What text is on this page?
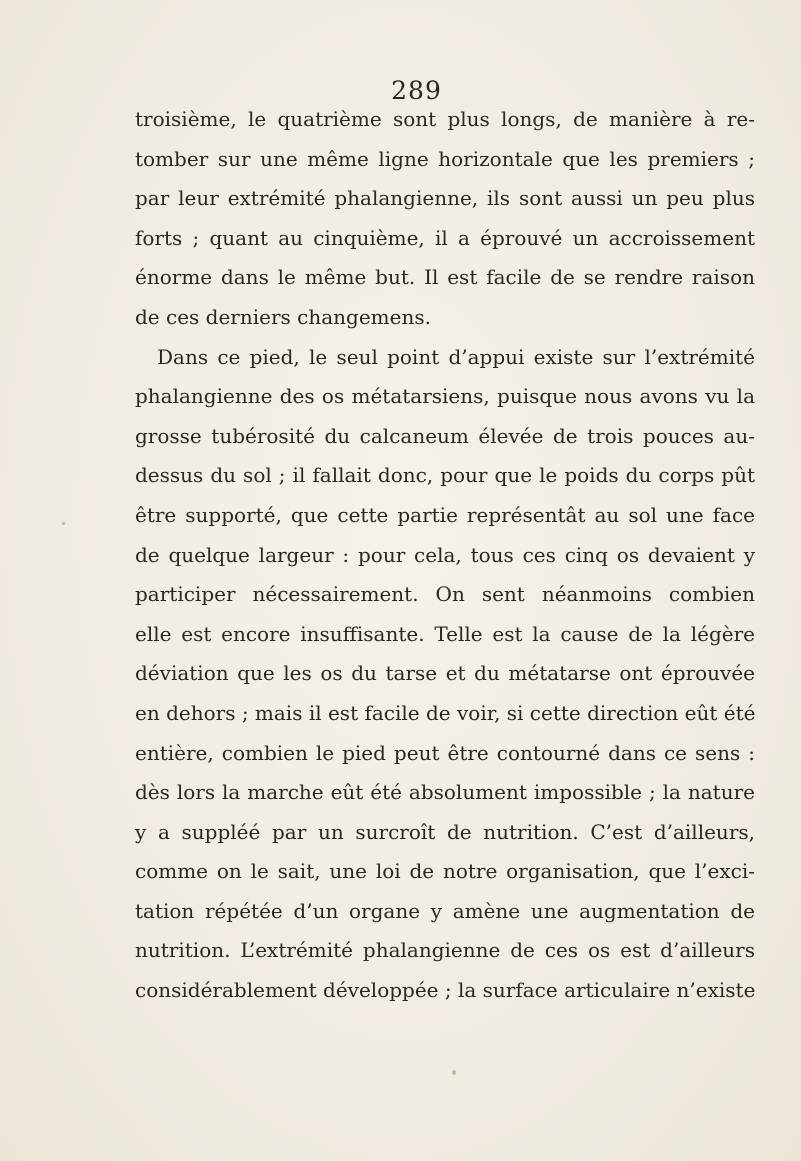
289
troisième, le quatrième sont plus longs, de manière à re-
tomber sur une même ligne horizontale que les premiers ;
par leur extrémité phalangienne, ils sont aussi un peu plus
forts ; quant au cinquième, il a éprouvé un accroissement
énorme dans le même but. Il est facile de se rendre raison
de ces derniers changemens.
Dans ce pied, le seul point d’appui existe sur l’extrémité
phalangienne des os métatarsiens, puisque nous avons vu la
grosse tubérosité du calcaneum élevée de trois pouces au-
dessus du sol ; il fallait donc, pour que le poids du corps pût
être supporté, que cette partie représentât au sol une face
de quelque largeur : pour cela, tous ces cinq os devaient y
participer nécessairement. On sent néanmoins combien
elle est encore insuffisante. Telle est la cause de la légère
déviation que les os du tarse et du métatarse ont éprouvée
en dehors ; mais il est facile de voir, si cette direction eût été
entière, combien le pied peut être contourné dans ce sens :
dès lors la marche eût été absolument impossible ; la nature
y a suppléé par un surcroît de nutrition. C’est d’ailleurs,
comme on le sait, une loi de notre organisation, que l’exci-
tation répétée d’un organe y amène une augmentation de
nutrition. L’extrémité phalangienne de ces os est d’ailleurs
considérablement développée ; la surface articulaire n’existe
